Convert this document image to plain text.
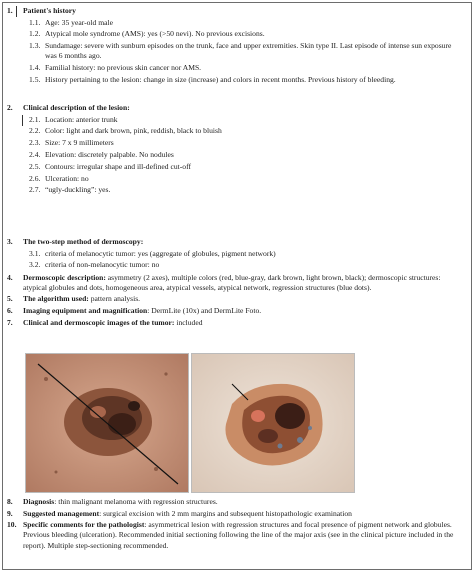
1. Patient's history
1.1. Age: 35 year-old male
1.2. Atypical mole syndrome (AMS): yes (>50 nevi). No previous excisions.
1.3. Sundamage: severe with sunburn episodes on the trunk, face and upper extremities. Skin type II. Last episode of intense sun exposure was 6 months ago.
1.4. Familial history: no previous skin cancer nor AMS.
1.5. History pertaining to the lesion: change in size (increase) and colors in recent months. Previous history of bleeding.
2. Clinical description of the lesion:
2.1. Location: anterior trunk
2.2. Color: light and dark brown, pink, reddish, black to bluish
2.3. Size: 7 x 9 millimeters
2.4. Elevation: discretely palpable. No nodules
2.5. Contours: irregular shape and ill-defined cut-off
2.6. Ulceration: no
2.7. “ugly-duckling”: yes.
3. The two-step method of dermoscopy:
3.1. criteria of melanocytic tumor: yes (aggregate of globules, pigment network)
3.2. criteria of non-melanocytic tumor: no
4. Dermoscopic description: asymmetry (2 axes), multiple colors (red, blue-gray, dark brown, light brown, black); dermoscopic structures: atypical globules and dots, homogeneous area, atypical vessels, atypical network, regression structures (blue dots).
5. The algorithm used: pattern analysis.
6. Imaging equipment and magnification: DermLite (10x) and DermLite Foto.
7. Clinical and dermoscopic images of the tumor: included
8. Diagnosis: thin malignant melanoma with regression structures.
9. Suggested management: surgical excision with 2 mm margins and subsequent histopathologic examination
10. Specific comments for the pathologist: asymmetrical lesion with regression structures and focal presence of pigment network and globules. Previous bleeding (ulceration). Recommended initial sectioning following the line of the major axis (see in the clinical picture included in the report). Multiple step-sectioning recommended.
